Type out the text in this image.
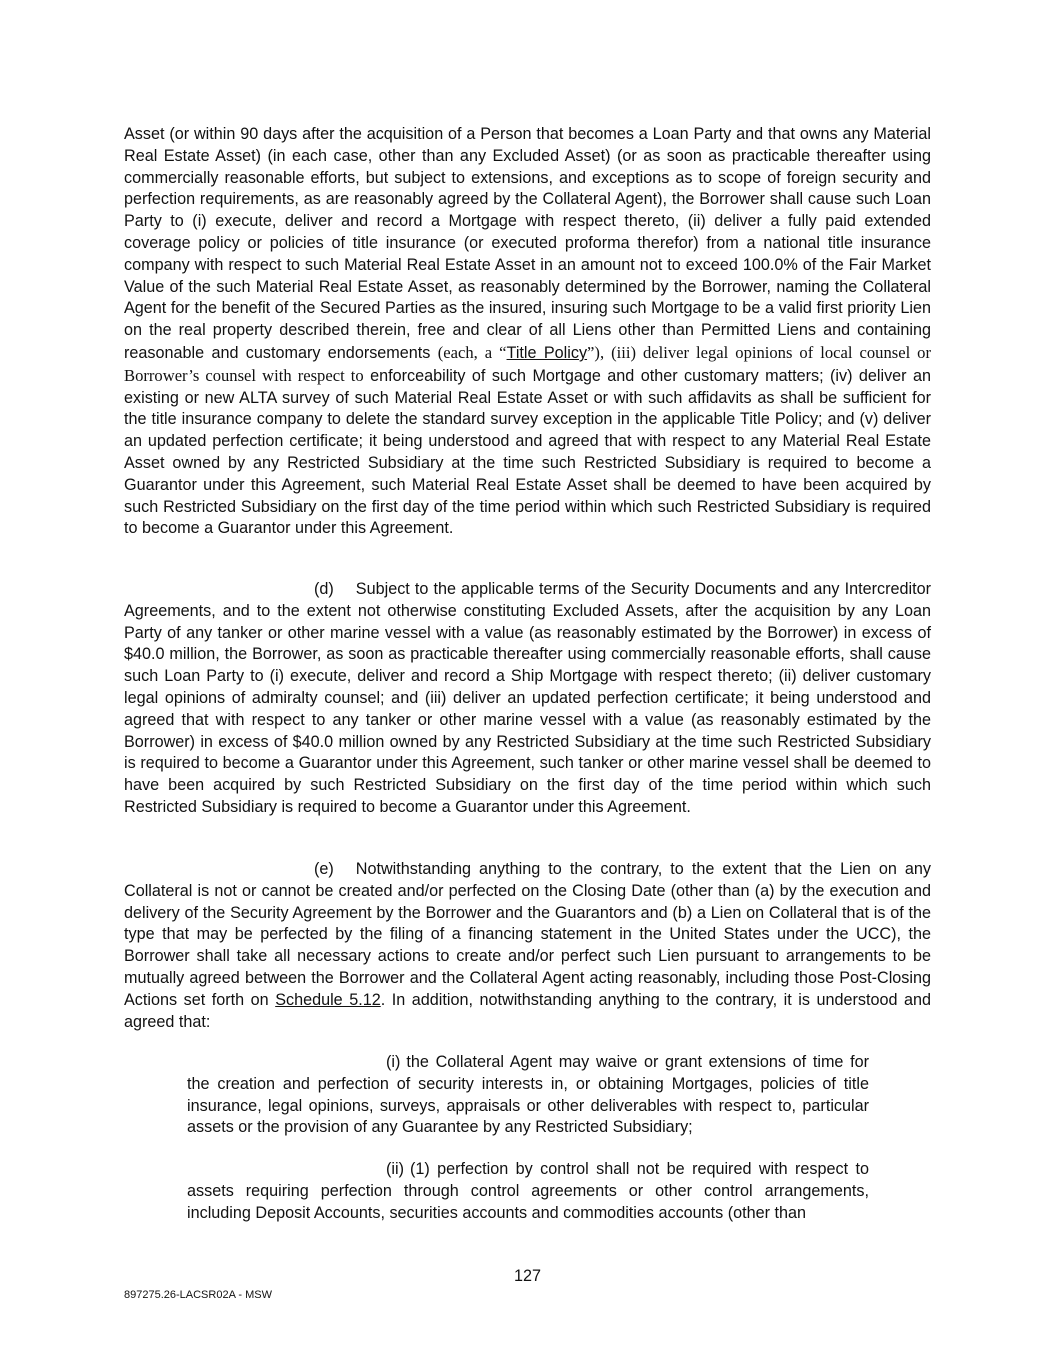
Asset (or within 90 days after the acquisition of a Person that becomes a Loan Party and that owns any Material Real Estate Asset) (in each case, other than any Excluded Asset) (or as soon as practicable thereafter using commercially reasonable efforts, but subject to extensions, and exceptions as to scope of foreign security and perfection requirements, as are reasonably agreed by the Collateral Agent), the Borrower shall cause such Loan Party to (i) execute, deliver and record a Mortgage with respect thereto, (ii) deliver a fully paid extended coverage policy or policies of title insurance (or executed proforma therefor) from a national title insurance company with respect to such Material Real Estate Asset in an amount not to exceed 100.0% of the Fair Market Value of the such Material Real Estate Asset, as reasonably determined by the Borrower, naming the Collateral Agent for the benefit of the Secured Parties as the insured, insuring such Mortgage to be a valid first priority Lien on the real property described therein, free and clear of all Liens other than Permitted Liens and containing reasonable and customary endorsements (each, a “Title Policy”), (iii) deliver legal opinions of local counsel or Borrower’s counsel with respect to enforceability of such Mortgage and other customary matters; (iv) deliver an existing or new ALTA survey of such Material Real Estate Asset or with such affidavits as shall be sufficient for the title insurance company to delete the standard survey exception in the applicable Title Policy; and (v) deliver an updated perfection certificate; it being understood and agreed that with respect to any Material Real Estate Asset owned by any Restricted Subsidiary at the time such Restricted Subsidiary is required to become a Guarantor under this Agreement, such Material Real Estate Asset shall be deemed to have been acquired by such Restricted Subsidiary on the first day of the time period within which such Restricted Subsidiary is required to become a Guarantor under this Agreement.

(d) Subject to the applicable terms of the Security Documents and any Intercreditor Agreements, and to the extent not otherwise constituting Excluded Assets, after the acquisition by any Loan Party of any tanker or other marine vessel with a value (as reasonably estimated by the Borrower) in excess of $40.0 million, the Borrower, as soon as practicable thereafter using commercially reasonable efforts, shall cause such Loan Party to (i) execute, deliver and record a Ship Mortgage with respect thereto; (ii) deliver customary legal opinions of admiralty counsel; and (iii) deliver an updated perfection certificate; it being understood and agreed that with respect to any tanker or other marine vessel with a value (as reasonably estimated by the Borrower) in excess of $40.0 million owned by any Restricted Subsidiary at the time such Restricted Subsidiary is required to become a Guarantor under this Agreement, such tanker or other marine vessel shall be deemed to have been acquired by such Restricted Subsidiary on the first day of the time period within which such Restricted Subsidiary is required to become a Guarantor under this Agreement.

(e) Notwithstanding anything to the contrary, to the extent that the Lien on any Collateral is not or cannot be created and/or perfected on the Closing Date (other than (a) by the execution and delivery of the Security Agreement by the Borrower and the Guarantors and (b) a Lien on Collateral that is of the type that may be perfected by the filing of a financing statement in the United States under the UCC), the Borrower shall take all necessary actions to create and/or perfect such Lien pursuant to arrangements to be mutually agreed between the Borrower and the Collateral Agent acting reasonably, including those Post-Closing Actions set forth on Schedule 5.12. In addition, notwithstanding anything to the contrary, it is understood and agreed that:

(i) the Collateral Agent may waive or grant extensions of time for the creation and perfection of security interests in, or obtaining Mortgages, policies of title insurance, legal opinions, surveys, appraisals or other deliverables with respect to, particular assets or the provision of any Guarantee by any Restricted Subsidiary;

(ii) (1) perfection by control shall not be required with respect to assets requiring perfection through control agreements or other control arrangements, including Deposit Accounts, securities accounts and commodities accounts (other than

127

897275.26-LACSR02A - MSW
